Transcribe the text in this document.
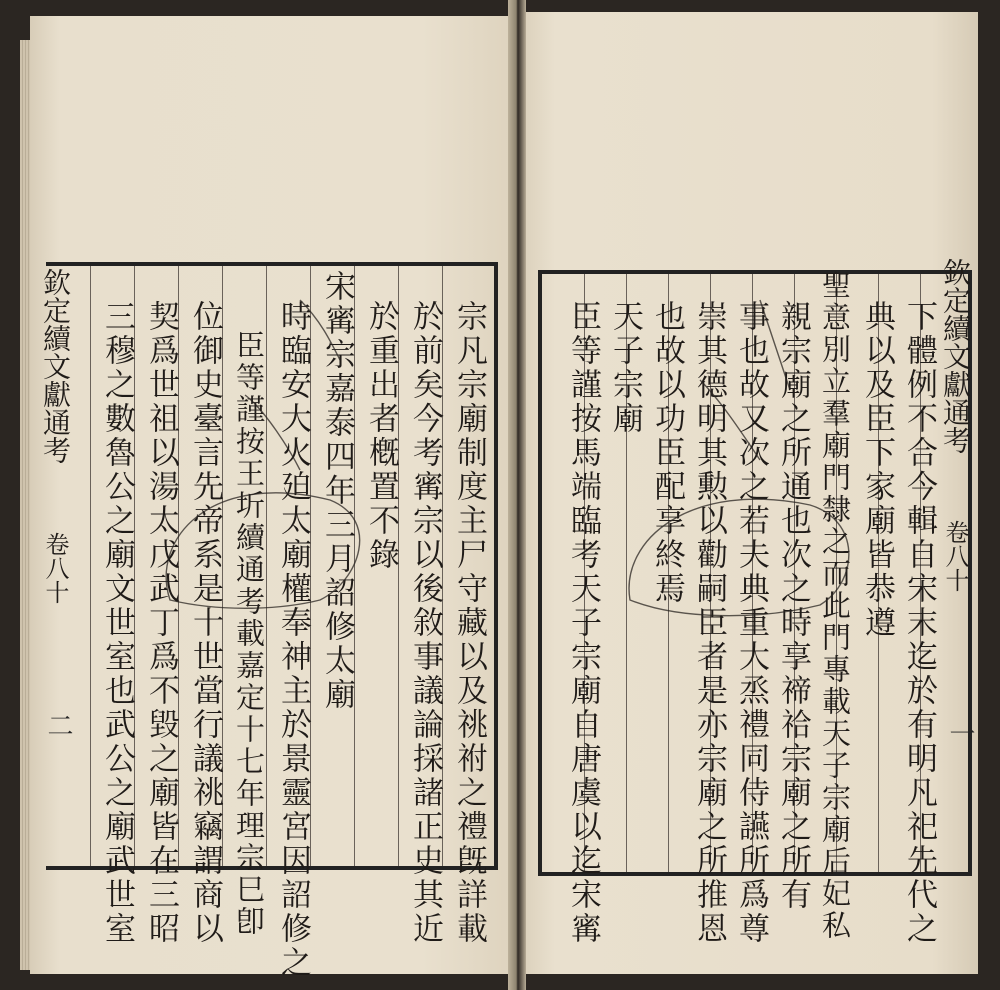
欽定續文獻通考
卷八十
二	宗凡宗廟制度主尸守藏以及祧祔之禮旣詳載
於前矣今考寗宗以後敘事議論採諸正史其近
於重出者槪置不錄
宋寗宗嘉泰四年三月詔修太廟
時臨安大火廹太廟權奉神主於景靈宮因詔修之
臣等謹按王圻續通考載嘉定十七年理宗巳卽
位御史臺言先帝系是十世當行議祧竊謂商以
契爲世祖以湯太戊武丁爲不毀之廟皆在三昭
三穆之數魯公之廟文世室也武公之廟武世室	欽定續文獻通考
卷八十
一
下體例不合今輯自宋末迄於有明凡祀先代之
典以及臣下家廟皆恭遵
聖意別立羣廟門隸之而此門專載天子宗廟后妃私
親宗廟之所通也次之時享禘祫宗廟之所有
事也故又次之若夫典重大烝禮同侍讌所爲尊
崇其德明其勲以勸嗣臣者是亦宗廟之所推恩
也故以功臣配享終焉
天子宗廟
臣等謹按馬端臨考天子宗廟自唐虞以迄宋寗
